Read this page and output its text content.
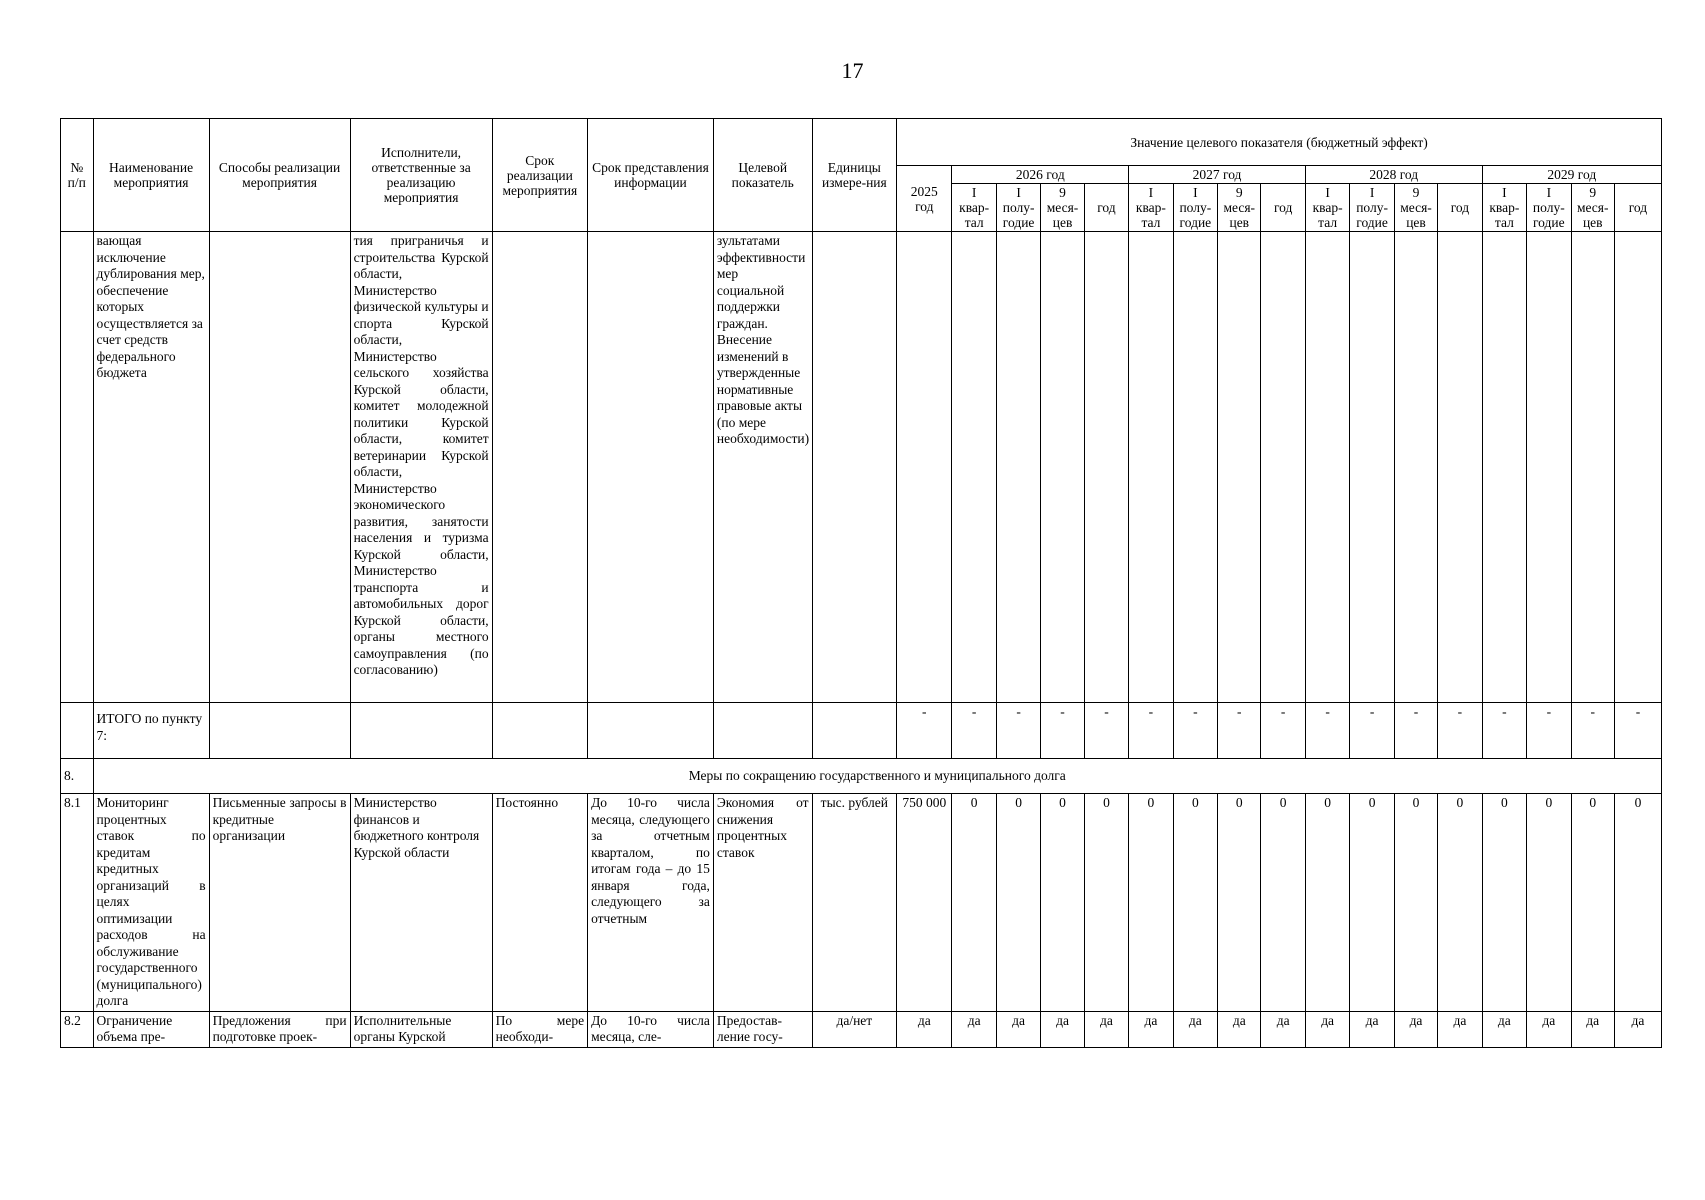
17
№ п/п	Наименование мероприятия	Способы реализации мероприятия	Исполнители, ответственные за реализацию мероприятия	Срок реализации мероприятия	Срок представления информации	Целевой показатель	Единицы измере-ния	Значение целевого показателя (бюджетный эффект)																
								2025 год	2026 год				2027 год				2028 год				2029 год			
									I квар-тал	I полу-годие	9 меся-цев	год	I квар-тал	I полу-годие	9 меся-цев	год	I квар-тал	I полу-годие	9 меся-цев	год	I квар-тал	I полу-годие	9 меся-цев	год
	вающая исключение дублирования мер, обеспечение которых осуществляется за счет средств федерального бюджета		тия приграничья и строительства Курской области, Министерство физической культуры и спорта Курской области, Министерство сельского хозяйства Курской области, комитет молодежной политики Курской области, комитет ветеринарии Курской области, Министерство экономического развития, занятости населения и туризма Курской области, Министерство транспорта и автомобильных дорог Курской области, органы местного самоуправления (по согласованию)			зультатами эффективности мер социальной поддержки граждан. Внесение изменений в утвержденные нормативные правовые акты (по мере необходимости)																		
	ИТОГО по пункту 7:							-	-	-	-	-	-	-	-	-	-	-	-	-	-	-	-	-
8.	Меры по сокращению государственного и муниципального долга																							
8.1	Мониторинг процентных ставок по кредитам кредитных организаций в целях оптимизации расходов на обслуживание государственного (муниципального) долга	Письменные запросы в кредитные организации	Министерство финансов и бюджетного контроля Курской области	Постоянно	До 10-го числа месяца, следующего за отчетным кварталом, по итогам года – до 15 января года, следующего за отчетным	Экономия от снижения процентных ставок	тыс. рублей	750 000	0	0	0	0	0	0	0	0	0	0	0	0	0	0	0	0
8.2	Ограничение объема пре-	Предложения при подготовке проек-	Исполнительные органы Курской	По мере необходи-	До 10-го числа месяца, сле-	Предостав-ление госу-	да/нет	да	да	да	да	да	да	да	да	да	да	да	да	да	да	да	да	да
